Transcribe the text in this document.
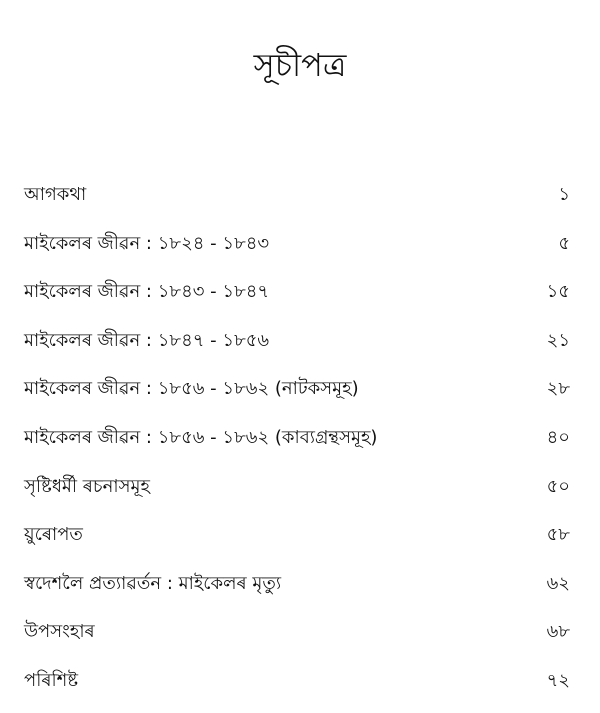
সূচীপত্ৰ
আগকথা	১
মাইকেলৰ জীৱন : ১৮২৪ - ১৮৪৩	৫
মাইকেলৰ জীৱন : ১৮৪৩ - ১৮৪৭	১৫
মাইকেলৰ জীৱন : ১৮৪৭ - ১৮৫৬	২১
মাইকেলৰ জীৱন : ১৮৫৬ - ১৮৬২ (নাটকসমূহ)	২৮
মাইকেলৰ জীৱন : ১৮৫৬ - ১৮৬২ (কাব্যগ্ৰন্থসমূহ)	৪০
সৃষ্টিধৰ্মী ৰচনাসমূহ	৫০
য়ুৰোপত	৫৮
স্বদেশলৈ প্ৰত্যাৱৰ্তন : মাইকেলৰ মৃত্যু	৬২
উপসংহাৰ	৬৮
পৰিশিষ্ট	৭২
